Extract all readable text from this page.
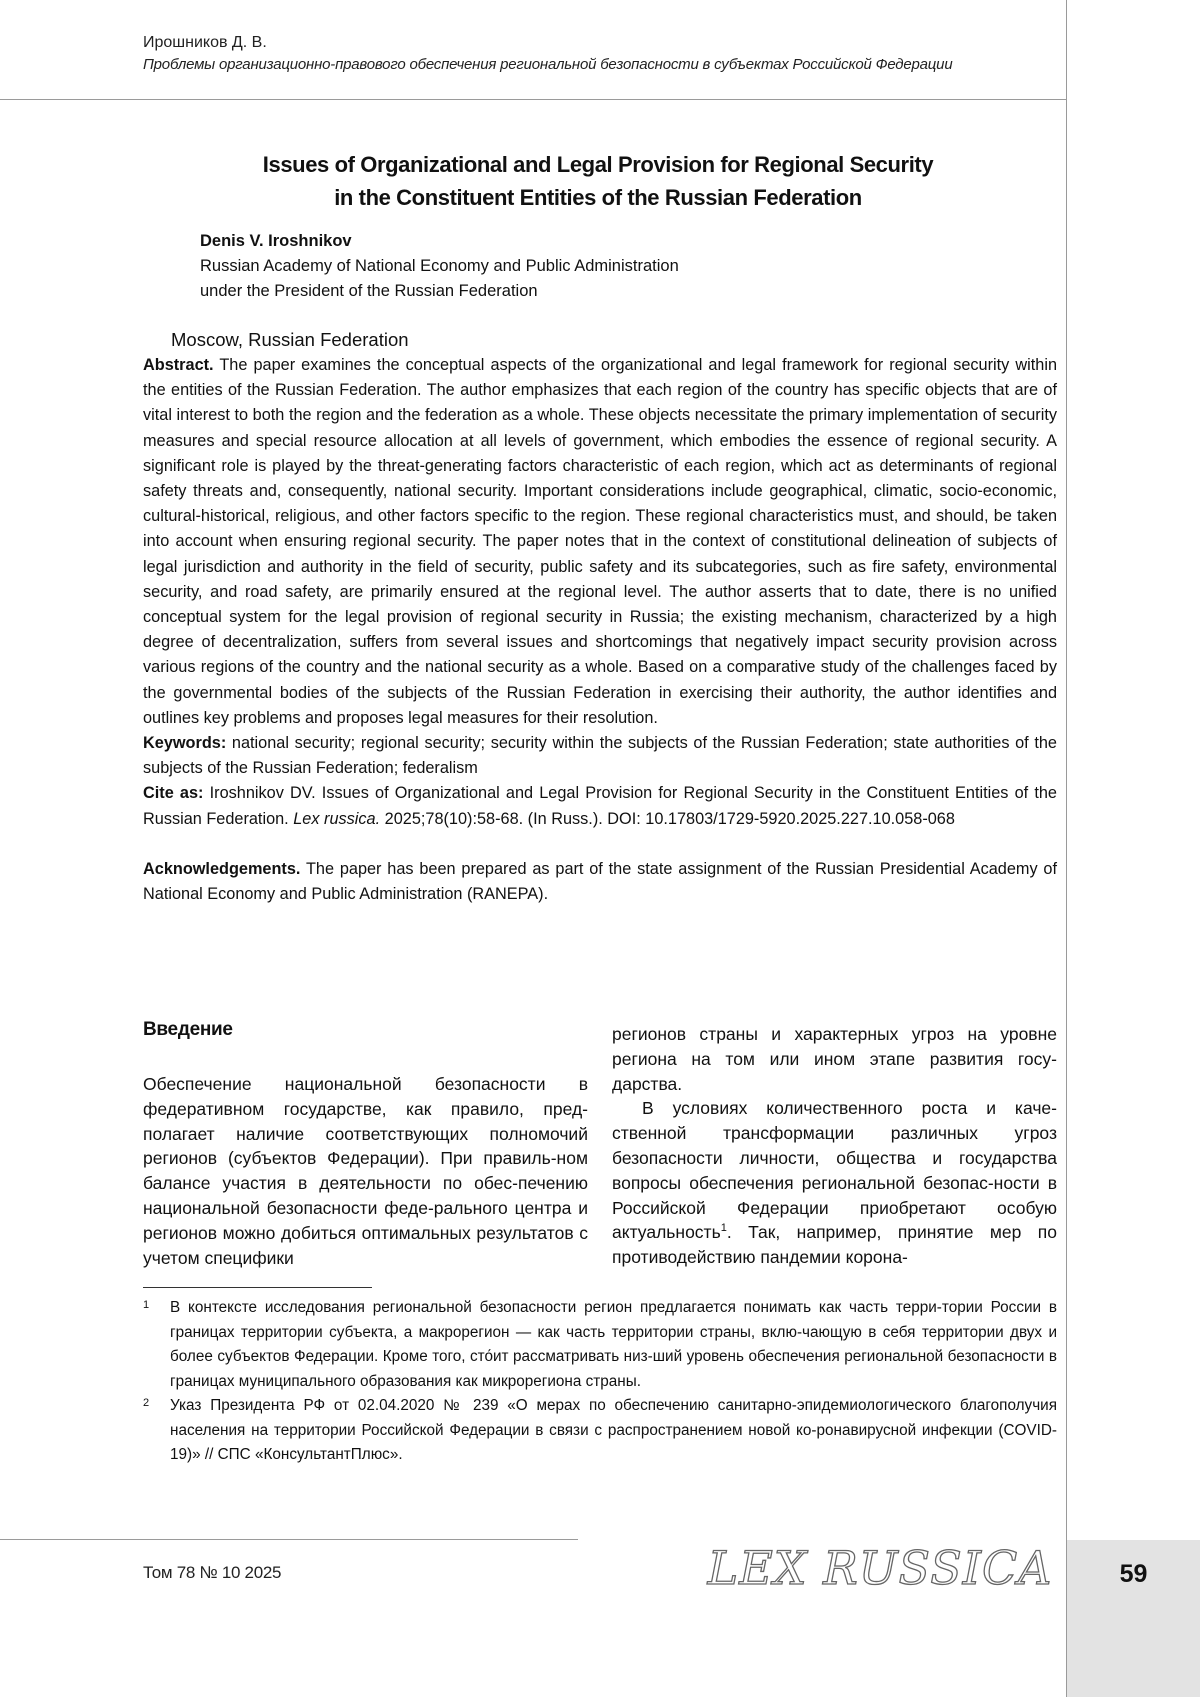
Ирошников Д. В.
Проблемы организационно-правового обеспечения региональной безопасности в субъектах Российской Федерации
59
Issues of Organizational and Legal Provision for Regional Security
in the Constituent Entities of the Russian Federation
Denis V. Iroshnikov
Russian Academy of National Economy and Public Administration
under the President of the Russian Federation
Moscow, Russian Federation

Abstract. The paper examines the conceptual aspects of the organizational and legal framework for regional security within the entities of the Russian Federation. The author emphasizes that each region of the country has specific objects that are of vital interest to both the region and the federation as a whole. These objects necessitate the primary implementation of security measures and special resource allocation at all levels of government, which embodies the essence of regional security. A significant role is played by the threat-generating factors characteristic of each region, which act as determinants of regional safety threats and, consequently, national security. Important considerations include geographical, climatic, socio-economic, cultural-historical, religious, and other factors specific to the region. These regional characteristics must, and should, be taken into account when ensuring regional security. The paper notes that in the context of constitutional delineation of subjects of legal jurisdiction and authority in the field of security, public safety and its subcategories, such as fire safety, environmental security, and road safety, are primarily ensured at the regional level. The author asserts that to date, there is no unified conceptual system for the legal provision of regional security in Russia; the existing mechanism, characterized by a high degree of decentralization, suffers from several issues and shortcomings that negatively impact security provision across various regions of the country and the national security as a whole. Based on a comparative study of the challenges faced by the governmental bodies of the subjects of the Russian Federation in exercising their authority, the author identifies and outlines key problems and proposes legal measures for their resolution.

Keywords: national security; regional security; security within the subjects of the Russian Federation; state authorities of the subjects of the Russian Federation; federalism

Cite as: Iroshnikov DV. Issues of Organizational and Legal Provision for Regional Security in the Constituent Entities of the Russian Federation. Lex russica. 2025;78(10):58-68. (In Russ.). DOI: 10.17803/1729-5920.2025.227.10.058-068

Acknowledgements. The paper has been prepared as part of the state assignment of the Russian Presidential Academy of National Economy and Public Administration (RANEPA).

Введение

Обеспечение национальной безопасности в федеративном государстве, как правило, пред-полагает наличие соответствующих полномочий регионов (субъектов Федерации). При правиль-ном балансе участия в деятельности по обес-печению национальной безопасности феде-рального центра и регионов можно добиться оптимальных результатов с учетом специфики

регионов страны и характерных угроз на уровне региона на том или ином этапе развития госу-дарства.

В условиях количественного роста и каче-ственной трансформации различных угроз безопасности личности, общества и государства вопросы обеспечения региональной безопас-ности в Российской Федерации приобретают особую актуальность$^1$. Так, например, принятие мер по противодействию пандемии корона-

1 В контексте исследования региональной безопасности регион предлагается понимать как часть терри-тории России в границах территории субъекта, а макрорегион — как часть территории страны, вклю-чающую в себя территории двух и более субъектов Федерации. Кроме того, сто́ит рассматривать низ-ший уровень обеспечения региональной безопасности в границах муниципального образования как микрорегиона страны.
2 Указ Президента РФ от 02.04.2020 № 239 «О мерах по обеспечению санитарно-эпидемиологического благополучия населения на территории Российской Федерации в связи с распространением новой ко-ронавирусной инфекции (COVID-19)» // СПС «КонсультантПлюс».
Том 78 № 10 2025	LEX RUSSICA
